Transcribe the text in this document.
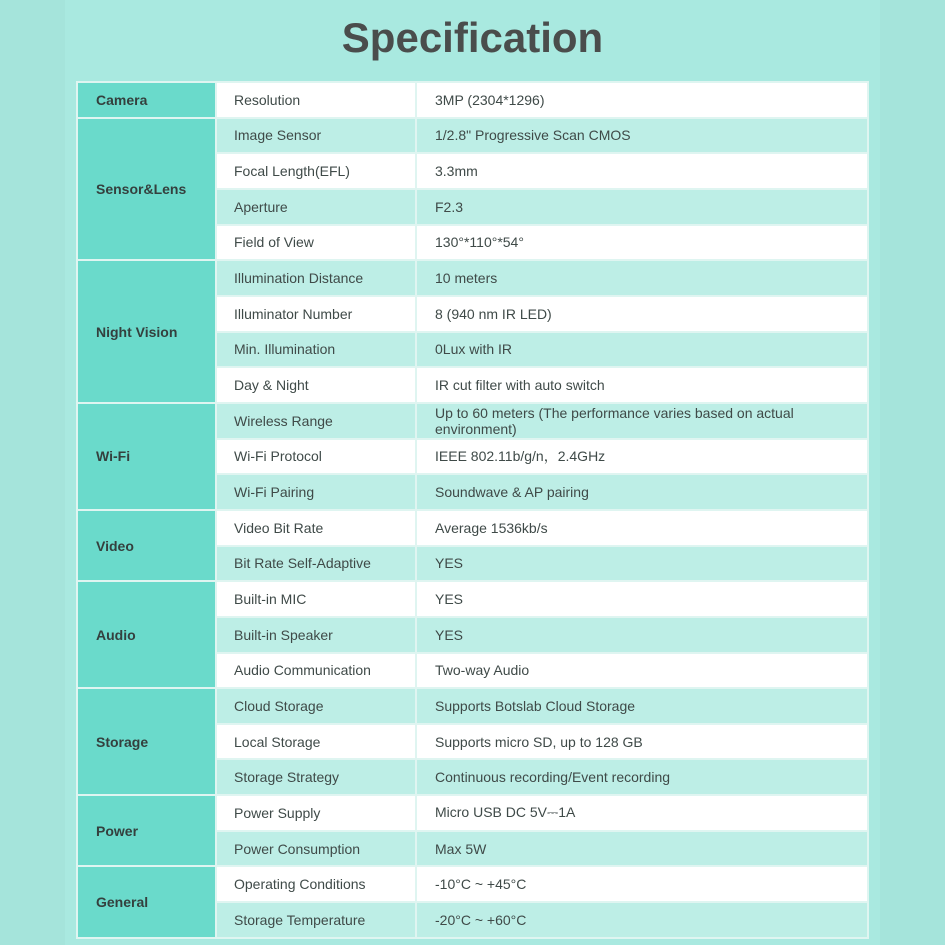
Specification
Camera	Resolution	3MP (2304*1296)
Sensor&Lens	Image Sensor	1/2.8" Progressive Scan CMOS
	Focal Length(EFL)	3.3mm
	Aperture	F2.3
	Field of View	130°*110°*54°
Night Vision	Illumination Distance	10 meters
	Illuminator Number	8 (940 nm IR LED)
	Min. Illumination	0Lux with IR
	Day & Night	IR cut filter with auto switch
Wi-Fi	Wireless Range	Up to 60 meters (The performance varies based on actual environment)
	Wi-Fi Protocol	IEEE 802.11b/g/n，2.4GHz
	Wi-Fi Pairing	Soundwave & AP pairing
Video	Video Bit Rate	Average 1536kb/s
	Bit Rate Self-Adaptive	YES
Audio	Built-in MIC	YES
	Built-in Speaker	YES
	Audio Communication	Two-way Audio
Storage	Cloud Storage	Supports Botslab Cloud Storage
	Local Storage	Supports micro SD, up to 128 GB
	Storage Strategy	Continuous recording/Event recording
Power	Power Supply	Micro USB DC 5V⎓1A
	Power Consumption	Max 5W
General	Operating Conditions	-10°C ~ +45°C
	Storage Temperature	-20°C ~ +60°C
